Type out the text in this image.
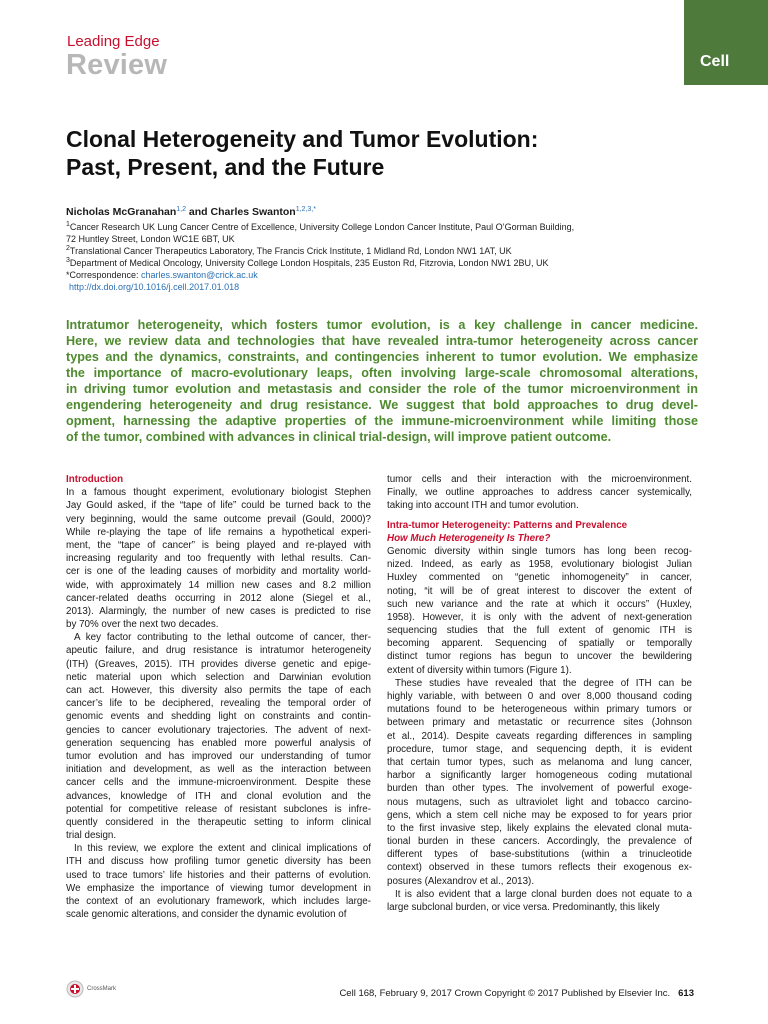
Leading Edge
Review	Cell
Clonal Heterogeneity and Tumor Evolution:
Past, Present, and the Future
Nicholas McGranahan$^{1,2}$ and Charles Swanton$^{1,2,3,*}$
$^1$Cancer Research UK Lung Cancer Centre of Excellence, University College London Cancer Institute, Paul O’Gorman Building,
72 Huntley Street, London WC1E 6BT, UK
$^2$Translational Cancer Therapeutics Laboratory, The Francis Crick Institute, 1 Midland Rd, London NW1 1AT, UK
$^3$Department of Medical Oncology, University College London Hospitals, 235 Euston Rd, Fitzrovia, London NW1 2BU, UK
*Correspondence: charles.swanton@crick.ac.uk
http://dx.doi.org/10.1016/j.cell.2017.01.018
Intratumor heterogeneity, which fosters tumor evolution, is a key challenge in cancer medicine.
Here, we review data and technologies that have revealed intra-tumor heterogeneity across cancer
types and the dynamics, constraints, and contingencies inherent to tumor evolution. We emphasize
the importance of macro-evolutionary leaps, often involving large-scale chromosomal alterations,
in driving tumor evolution and metastasis and consider the role of the tumor microenvironment in
engendering heterogeneity and drug resistance. We suggest that bold approaches to drug devel-
opment, harnessing the adaptive properties of the immune-microenvironment while limiting those
of the tumor, combined with advances in clinical trial-design, will improve patient outcome.
Introduction
In a famous thought experiment, evolutionary biologist Stephen
Jay Gould asked, if the “tape of life” could be turned back to the
very beginning, would the same outcome prevail (Gould, 2000)?
While re-playing the tape of life remains a hypothetical experi-
ment, the “tape of cancer” is being played and re-played with
increasing regularity and too frequently with lethal results. Can-
cer is one of the leading causes of morbidity and mortality world-
wide, with approximately 14 million new cases and 8.2 million
cancer-related deaths occurring in 2012 alone (Siegel et al.,
2013). Alarmingly, the number of new cases is predicted to rise
by 70% over the next two decades.
A key factor contributing to the lethal outcome of cancer, ther-
apeutic failure, and drug resistance is intratumor heterogeneity
(ITH) (Greaves, 2015). ITH provides diverse genetic and epige-
netic material upon which selection and Darwinian evolution
can act. However, this diversity also permits the tape of each
cancer’s life to be deciphered, revealing the temporal order of
genomic events and shedding light on constraints and contin-
gencies to cancer evolutionary trajectories. The advent of next-
generation sequencing has enabled more powerful analysis of
tumor evolution and has improved our understanding of tumor
initiation and development, as well as the interaction between
cancer cells and the immune-microenvironment. Despite these
advances, knowledge of ITH and clonal evolution and the
potential for competitive release of resistant subclones is infre-
quently considered in the therapeutic setting to inform clinical
trial design.
In this review, we explore the extent and clinical implications of
ITH and discuss how profiling tumor genetic diversity has been
used to trace tumors’ life histories and their patterns of evolution.
We emphasize the importance of viewing tumor development in
the context of an evolutionary framework, which includes large-
scale genomic alterations, and consider the dynamic evolution of
tumor cells and their interaction with the microenvironment.
Finally, we outline approaches to address cancer systemically,
taking into account ITH and tumor evolution.
Intra-tumor Heterogeneity: Patterns and Prevalence
How Much Heterogeneity Is There?
Genomic diversity within single tumors has long been recog-
nized. Indeed, as early as 1958, evolutionary biologist Julian
Huxley commented on “genetic inhomogeneity” in cancer,
noting, “it will be of great interest to discover the extent of
such new variance and the rate at which it occurs” (Huxley,
1958). However, it is only with the advent of next-generation
sequencing studies that the full extent of genomic ITH is
becoming apparent. Sequencing of spatially or temporally
distinct tumor regions has begun to uncover the bewildering
extent of diversity within tumors (Figure 1).
These studies have revealed that the degree of ITH can be
highly variable, with between 0 and over 8,000 thousand coding
mutations found to be heterogeneous within primary tumors or
between primary and metastatic or recurrence sites (Johnson
et al., 2014). Despite caveats regarding differences in sampling
procedure, tumor stage, and sequencing depth, it is evident
that certain tumor types, such as melanoma and lung cancer,
harbor a significantly larger homogeneous coding mutational
burden than other types. The involvement of powerful exoge-
nous mutagens, such as ultraviolet light and tobacco carcino-
gens, which a stem cell niche may be exposed to for years prior
to the first invasive step, likely explains the elevated clonal muta-
tional burden in these cancers. Accordingly, the prevalence of
different types of base-substitutions (within a trinucleotide
context) observed in these tumors reflects their exogenous ex-
posures (Alexandrov et al., 2013).
It is also evident that a large clonal burden does not equate to a
large subclonal burden, or vice versa. Predominantly, this likely
CrossMark	Cell 168, February 9, 2017 Crown Copyright © 2017 Published by Elsevier Inc. 613
